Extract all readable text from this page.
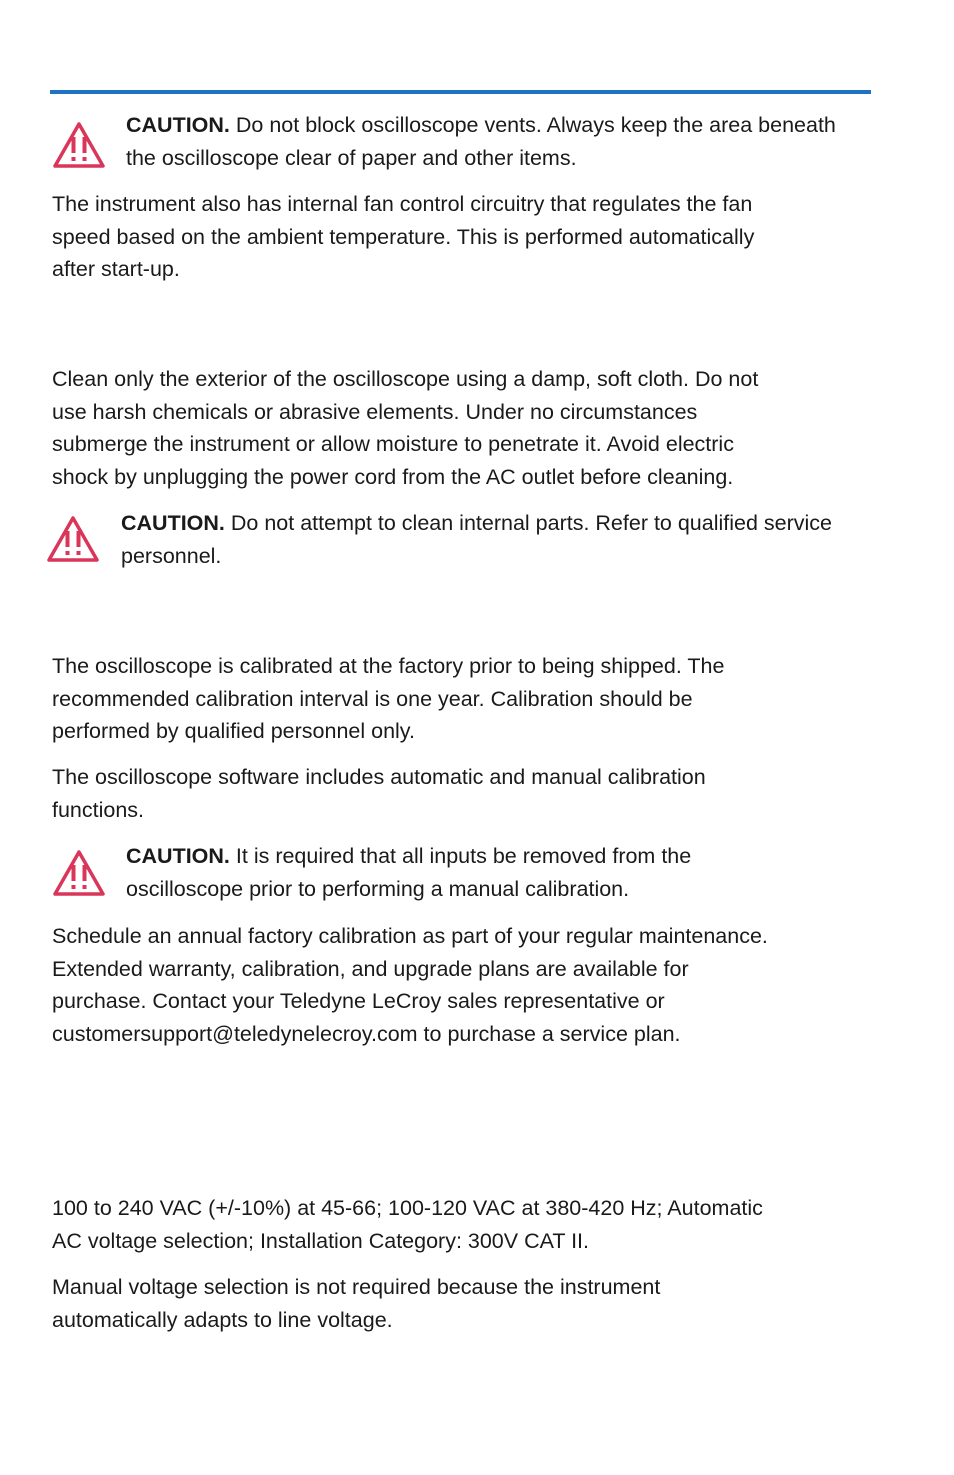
CAUTION. Do not block oscilloscope vents. Always keep the area beneath the oscilloscope clear of paper and other items.

The instrument also has internal fan control circuitry that regulates the fan
speed based on the ambient temperature. This is performed automatically
after start-up.

Clean only the exterior of the oscilloscope using a damp, soft cloth. Do not
use harsh chemicals or abrasive elements. Under no circumstances
submerge the instrument or allow moisture to penetrate it. Avoid electric
shock by unplugging the power cord from the AC outlet before cleaning.

CAUTION. Do not attempt to clean internal parts. Refer to qualified service personnel.

The oscilloscope is calibrated at the factory prior to being shipped. The
recommended calibration interval is one year. Calibration should be
performed by qualified personnel only.

The oscilloscope software includes automatic and manual calibration
functions.

CAUTION. It is required that all inputs be removed from the oscilloscope prior to performing a manual calibration.

Schedule an annual factory calibration as part of your regular maintenance.
Extended warranty, calibration, and upgrade plans are available for
purchase. Contact your Teledyne LeCroy sales representative or
customersupport@teledynelecroy.com to purchase a service plan.

100 to 240 VAC (+/-10%) at 45-66; 100-120 VAC at 380-420 Hz; Automatic
AC voltage selection; Installation Category: 300V CAT II.

Manual voltage selection is not required because the instrument
automatically adapts to line voltage.
